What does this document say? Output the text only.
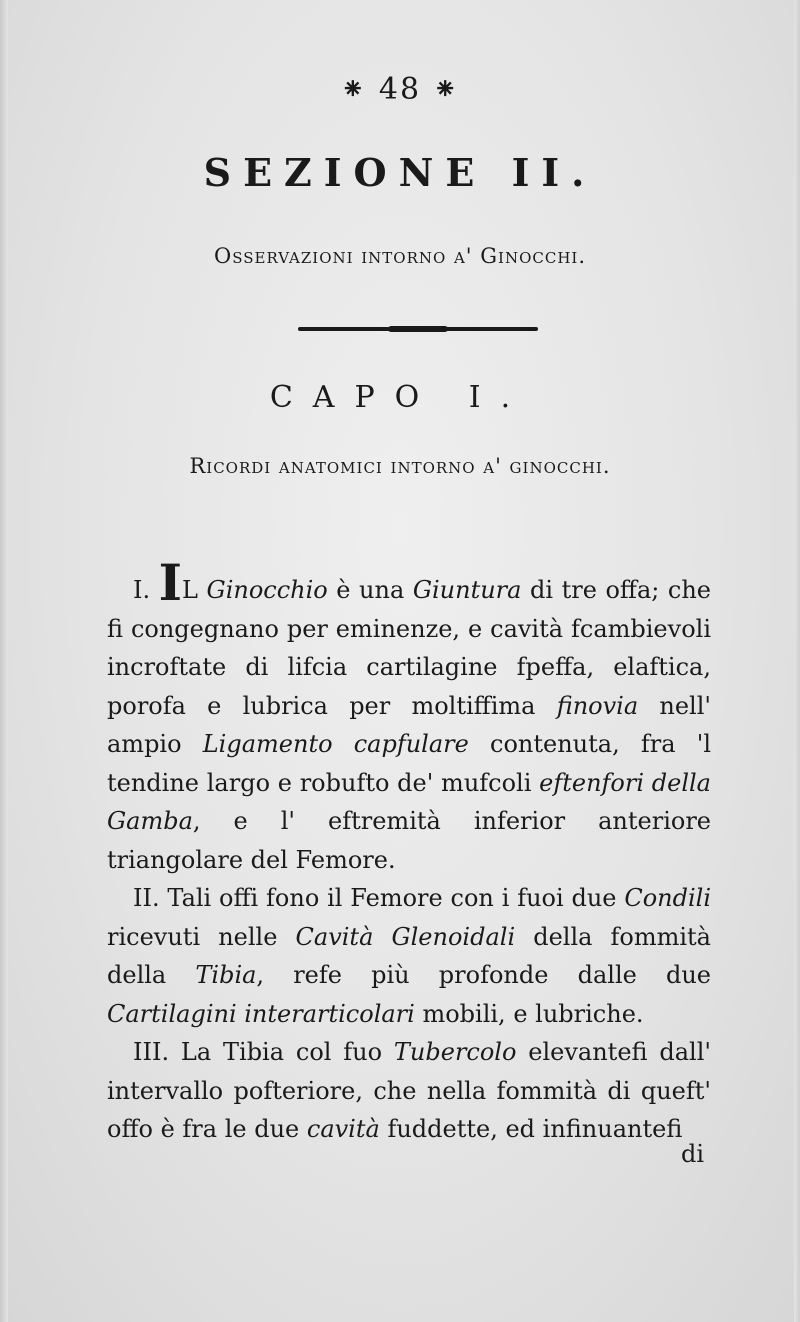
⁕ 48 ⁕
SEZIONE II.
Osservazioni intorno a' Ginocchi.
CAPO I.
Ricordi anatomici intorno a' ginocchi.

I. IL Ginocchio è una Giuntura di tre offa; che fi congegnano per eminenze, e cavità fcambievoli incroftate di lifcia cartilagine fpeffa, elaftica, porofa e lubrica per moltiffima finovia nell' ampio Ligamento capfulare contenuta, fra 'l tendine largo e robufto de' mufcoli eftenfori della Gamba, e l' eftremità inferior anteriore triangolare del Femore.

II. Tali offi fono il Femore con i fuoi due Condili ricevuti nelle Cavità Glenoidali della fommità della Tibia, refe più profonde dalle due Cartilagini interarticolari mobili, e lubriche.

III. La Tibia col fuo Tubercolo elevantefi dall' intervallo pofteriore, che nella fommità di queft' offo è fra le due cavità fuddette, ed infinuantefi

di
